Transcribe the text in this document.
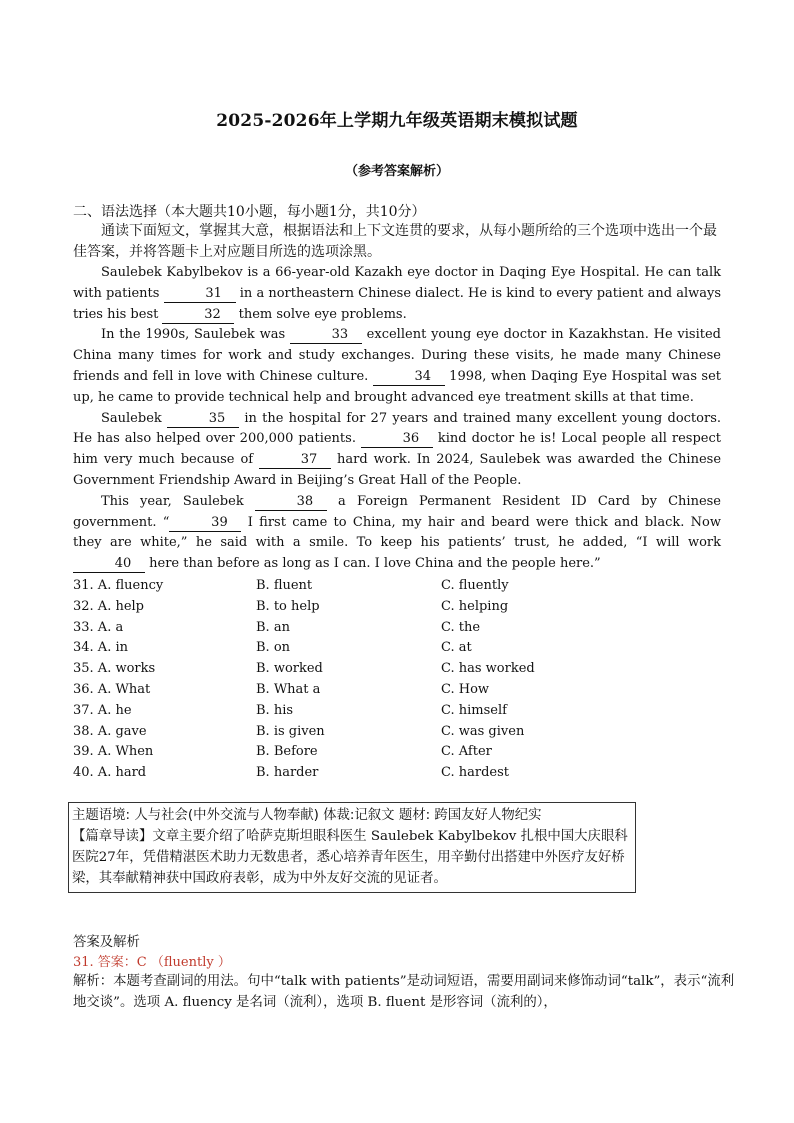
2025-2026年上学期九年级英语期末模拟试题
（参考答案解析）
二、语法选择（本大题共10小题，每小题1分，共10分）
通读下面短文，掌握其大意，根据语法和上下文连贯的要求，从每小题所给的三个选项中选出一个最佳答案，并将答题卡上对应题目所选的选项涂黑。

Saulebek Kabylbekov is a 66-year-old Kazakh eye doctor in Daqing Eye Hospital. He can talk with patients	31 in a northeastern Chinese dialect. He is kind to every patient and always tries his best	32 them solve eye problems.

In the 1990s, Saulebek was	33 excellent young eye doctor in Kazakhstan. He visited China many times for work and study exchanges. During these visits, he made many Chinese friends and fell in love with Chinese culture.	34 1998, when Daqing Eye Hospital was set up, he came to provide technical help and brought advanced eye treatment skills at that time.

Saulebek	35 in the hospital for 27 years and trained many excellent young doctors. He has also helped over 200,000 patients.	36 kind doctor he is! Local people all respect him very much because of	37 hard work. In 2024, Saulebek was awarded the Chinese Government Friendship Award in Beijing’s Great Hall of the People.

This year, Saulebek	38 a Foreign Permanent Resident ID Card by Chinese government. “	39 I first came to China, my hair and beard were thick and black. Now they are white,” he said with a smile. To keep his patients’ trust, he added, “I will work 40 here than before as long as I can. I love China and the people here.”

31. A. fluency	B. fluent	C. fluently
32. A. help	B. to help	C. helping
33. A. a	B. an	C. the
34. A. in	B. on	C. at
35. A. works	B. worked	C. has worked
36. A. What	B. What a	C. How
37. A. he	B. his	C. himself
38. A. gave	B. is given	C. was given
39. A. When	B. Before	C. After
40. A. hard	B. harder	C. hardest
主题语境: 人与社会(中外交流与人物奉献) 体裁:记叙文 题材: 跨国友好人物纪实
【篇章导读】文章主要介绍了哈萨克斯坦眼科医生 Saulebek Kabylbekov 扎根中国大庆眼科医院27年，凭借精湛医术助力无数患者，悉心培养青年医生，用辛勤付出搭建中外医疗友好桥梁，其奉献精神获中国政府表彰，成为中外友好交流的见证者。
答案及解析
31. 答案：C （fluently ）
解析：本题考查副词的用法。句中“talk with patients”是动词短语，需要用副词来修饰动词“talk”，表示“流利地交谈”。选项 A. fluency 是名词（流利），选项 B. fluent 是形容词（流利的），
